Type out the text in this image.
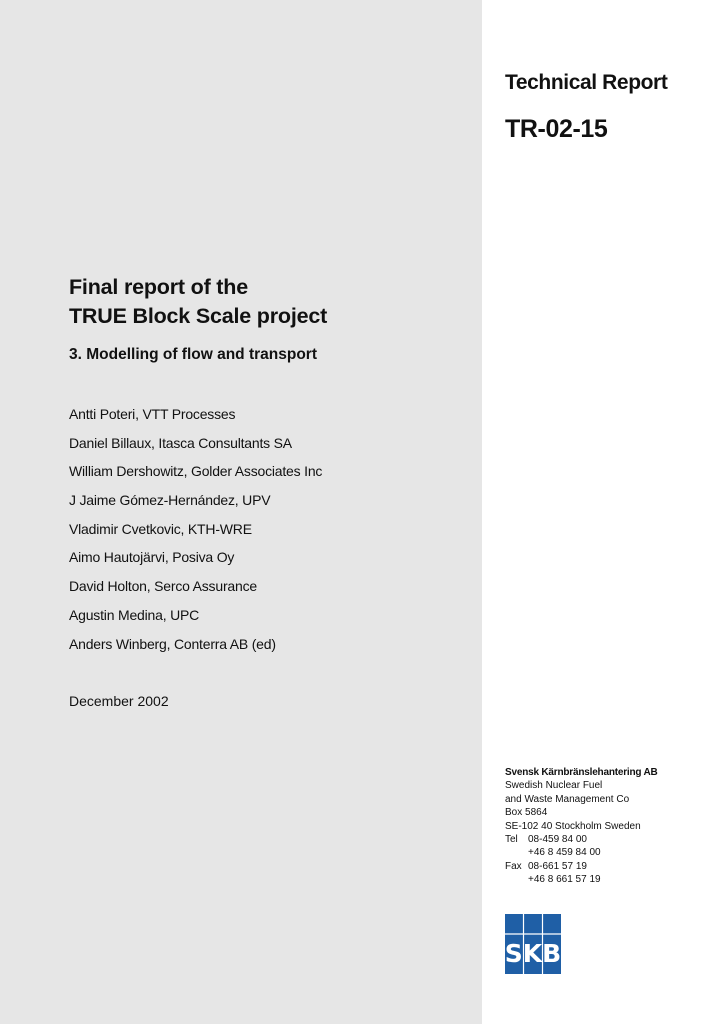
Final report of the
TRUE Block Scale project
3. Modelling of flow and transport
Antti Poteri, VTT Processes
Daniel Billaux, Itasca Consultants SA
William Dershowitz, Golder Associates Inc
J Jaime Gómez-Hernández, UPV
Vladimir Cvetkovic, KTH-WRE
Aimo Hautojärvi, Posiva Oy
David Holton, Serco Assurance
Agustin Medina, UPC
Anders Winberg, Conterra AB (ed)
December 2002
Technical Report
TR-02-15
Svensk Kärnbränslehantering AB
Swedish Nuclear Fuel
and Waste Management Co
Box 5864
SE-102 40 Stockholm Sweden
Tel	08-459 84 00
+46 8 459 84 00
Fax 08-661 57 19
+46 8 661 57 19
SKB
